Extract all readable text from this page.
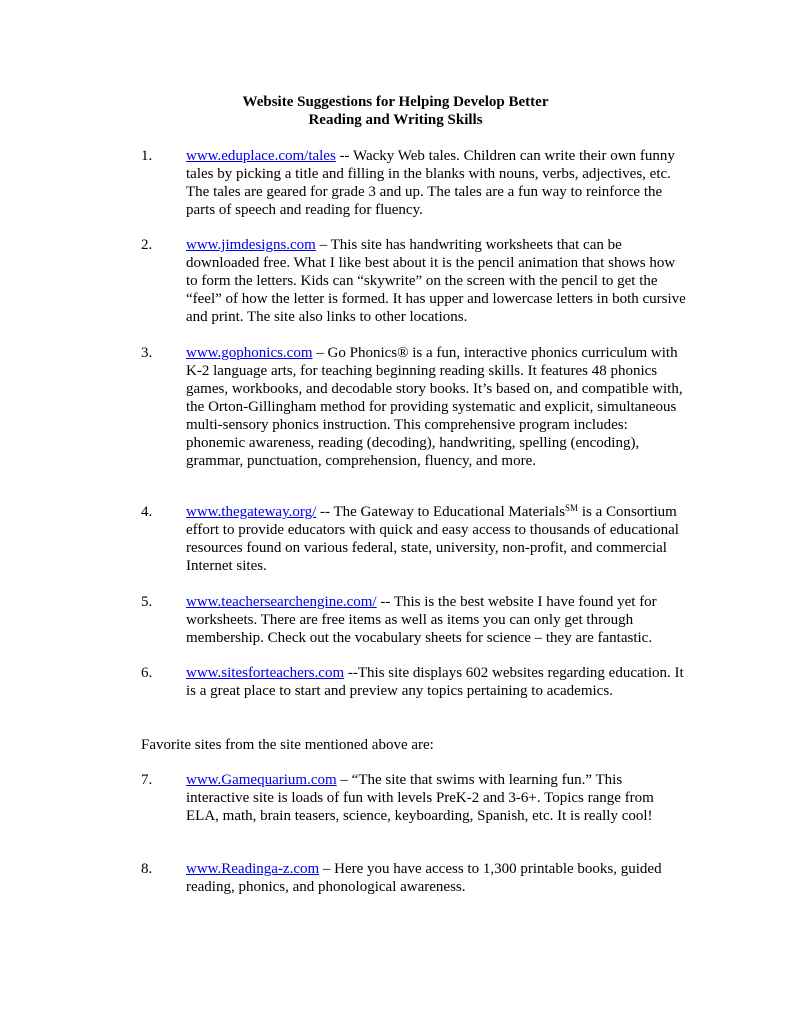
Website Suggestions for Helping Develop Better
Reading and Writing Skills
1.	www.eduplace.com/tales -- Wacky Web tales. Children can write their own funny tales by picking a title and filling in the blanks with nouns, verbs, adjectives, etc. The tales are geared for grade 3 and up. The tales are a fun way to reinforce the parts of speech and reading for fluency.
2.	www.jimdesigns.com – This site has handwriting worksheets that can be downloaded free. What I like best about it is the pencil animation that shows how to form the letters. Kids can “skywrite” on the screen with the pencil to get the “feel” of how the letter is formed. It has upper and lowercase letters in both cursive and print. The site also links to other locations.
3.	www.gophonics.com – Go Phonics® is a fun, interactive phonics curriculum with K-2 language arts, for teaching beginning reading skills. It features 48 phonics games, workbooks, and decodable story books. It’s based on, and compatible with, the Orton-Gillingham method for providing systematic and explicit, simultaneous multi-sensory phonics instruction. This comprehensive program includes: phonemic awareness, reading (decoding), handwriting, spelling (encoding), grammar, punctuation, comprehension, fluency, and more.
4.	www.thegateway.org/ -- The Gateway to Educational Materials℠ is a Consortium effort to provide educators with quick and easy access to thousands of educational resources found on various federal, state, university, non-profit, and commercial Internet sites.
5.	www.teachersearchengine.com/ -- This is the best website I have found yet for worksheets. There are free items as well as items you can only get through membership. Check out the vocabulary sheets for science – they are fantastic.
6.	www.sitesforteachers.com --This site displays 602 websites regarding education. It is a great place to start and preview any topics pertaining to academics.
Favorite sites from the site mentioned above are:
7.	www.Gamequarium.com – “The site that swims with learning fun.” This interactive site is loads of fun with levels PreK-2 and 3-6+. Topics range from ELA, math, brain teasers, science, keyboarding, Spanish, etc. It is really cool!
8.	www.Readinga-z.com – Here you have access to 1,300 printable books, guided reading, phonics, and phonological awareness.
